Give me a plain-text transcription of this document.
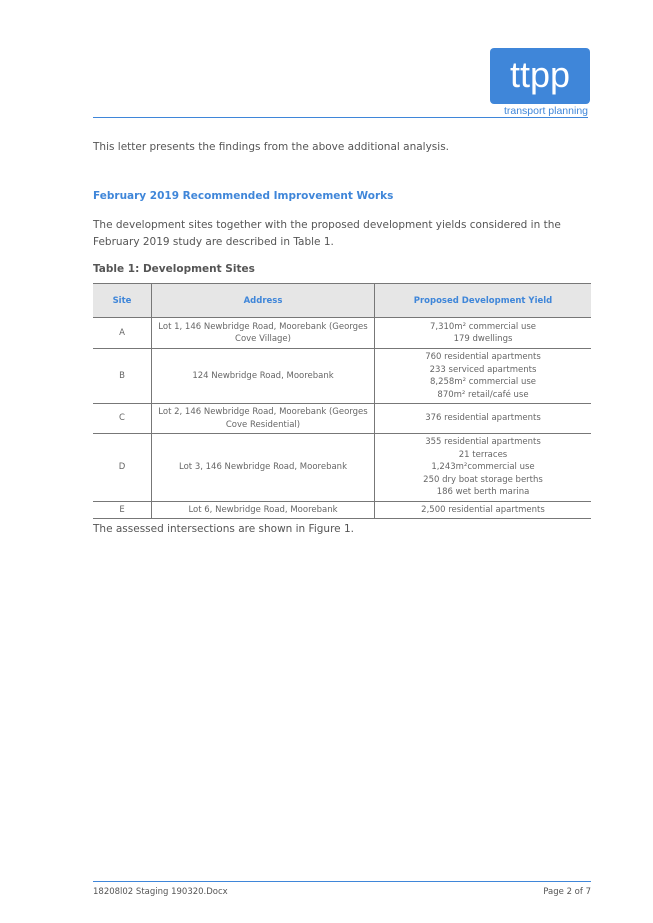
ttpp
transport planning
This letter presents the findings from the above additional analysis.
February 2019 Recommended Improvement Works
The development sites together with the proposed development yields considered in the February 2019 study are described in Table 1.
Table 1: Development Sites
Site	Address	Proposed Development Yield
A	Lot 1, 146 Newbridge Road, Moorebank (Georges Cove Village)	7,310m² commercial use
179 dwellings

B	124 Newbridge Road, Moorebank	760 residential apartments
233 serviced apartments
8,258m² commercial use
870m² retail/café use

C	Lot 2, 146 Newbridge Road, Moorebank (Georges Cove Residential)	376 residential apartments

D	Lot 3, 146 Newbridge Road, Moorebank	355 residential apartments
21 terraces
1,243m²commercial use
250 dry boat storage berths
186 wet berth marina

E	Lot 6, Newbridge Road, Moorebank	2,500 residential apartments
The assessed intersections are shown in Figure 1.
18208l02 Staging 190320.Docx	Page 2 of 7
